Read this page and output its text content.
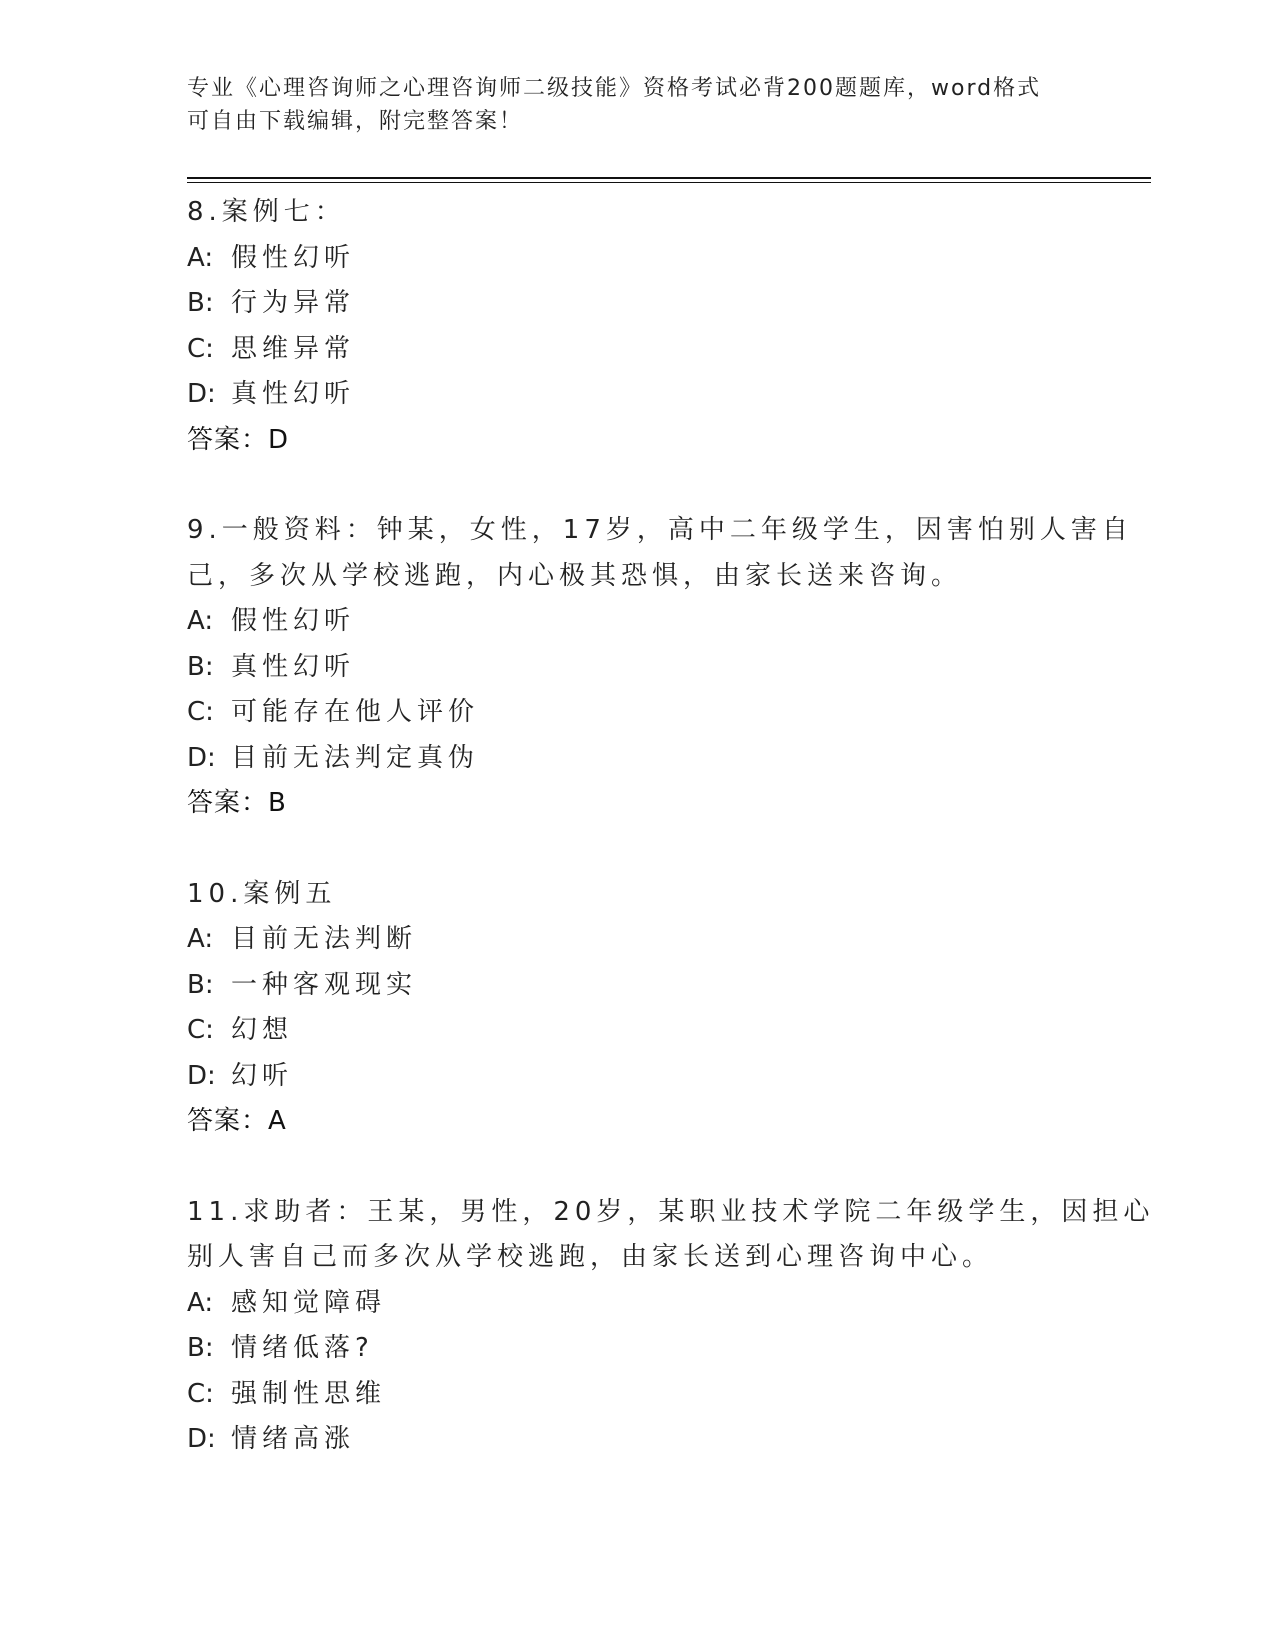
专业《心理咨询师之心理咨询师二级技能》资格考试必背200题题库，word格式
可自由下载编辑，附完整答案！
8.案例七：
A: 假性幻听
B: 行为异常
C: 思维异常
D: 真性幻听
答案：D
9.一般资料：钟某，女性，17岁，高中二年级学生，因害怕别人害自
己，多次从学校逃跑，内心极其恐惧，由家长送来咨询。
A: 假性幻听
B: 真性幻听
C: 可能存在他人评价
D: 目前无法判定真伪
答案：B
10.案例五
A: 目前无法判断
B: 一种客观现实
C: 幻想
D: 幻听
答案：A
11.求助者：王某，男性，20岁，某职业技术学院二年级学生，因担心
别人害自己而多次从学校逃跑，由家长送到心理咨询中心。
A: 感知觉障碍
B: 情绪低落?
C: 强制性思维
D: 情绪高涨
